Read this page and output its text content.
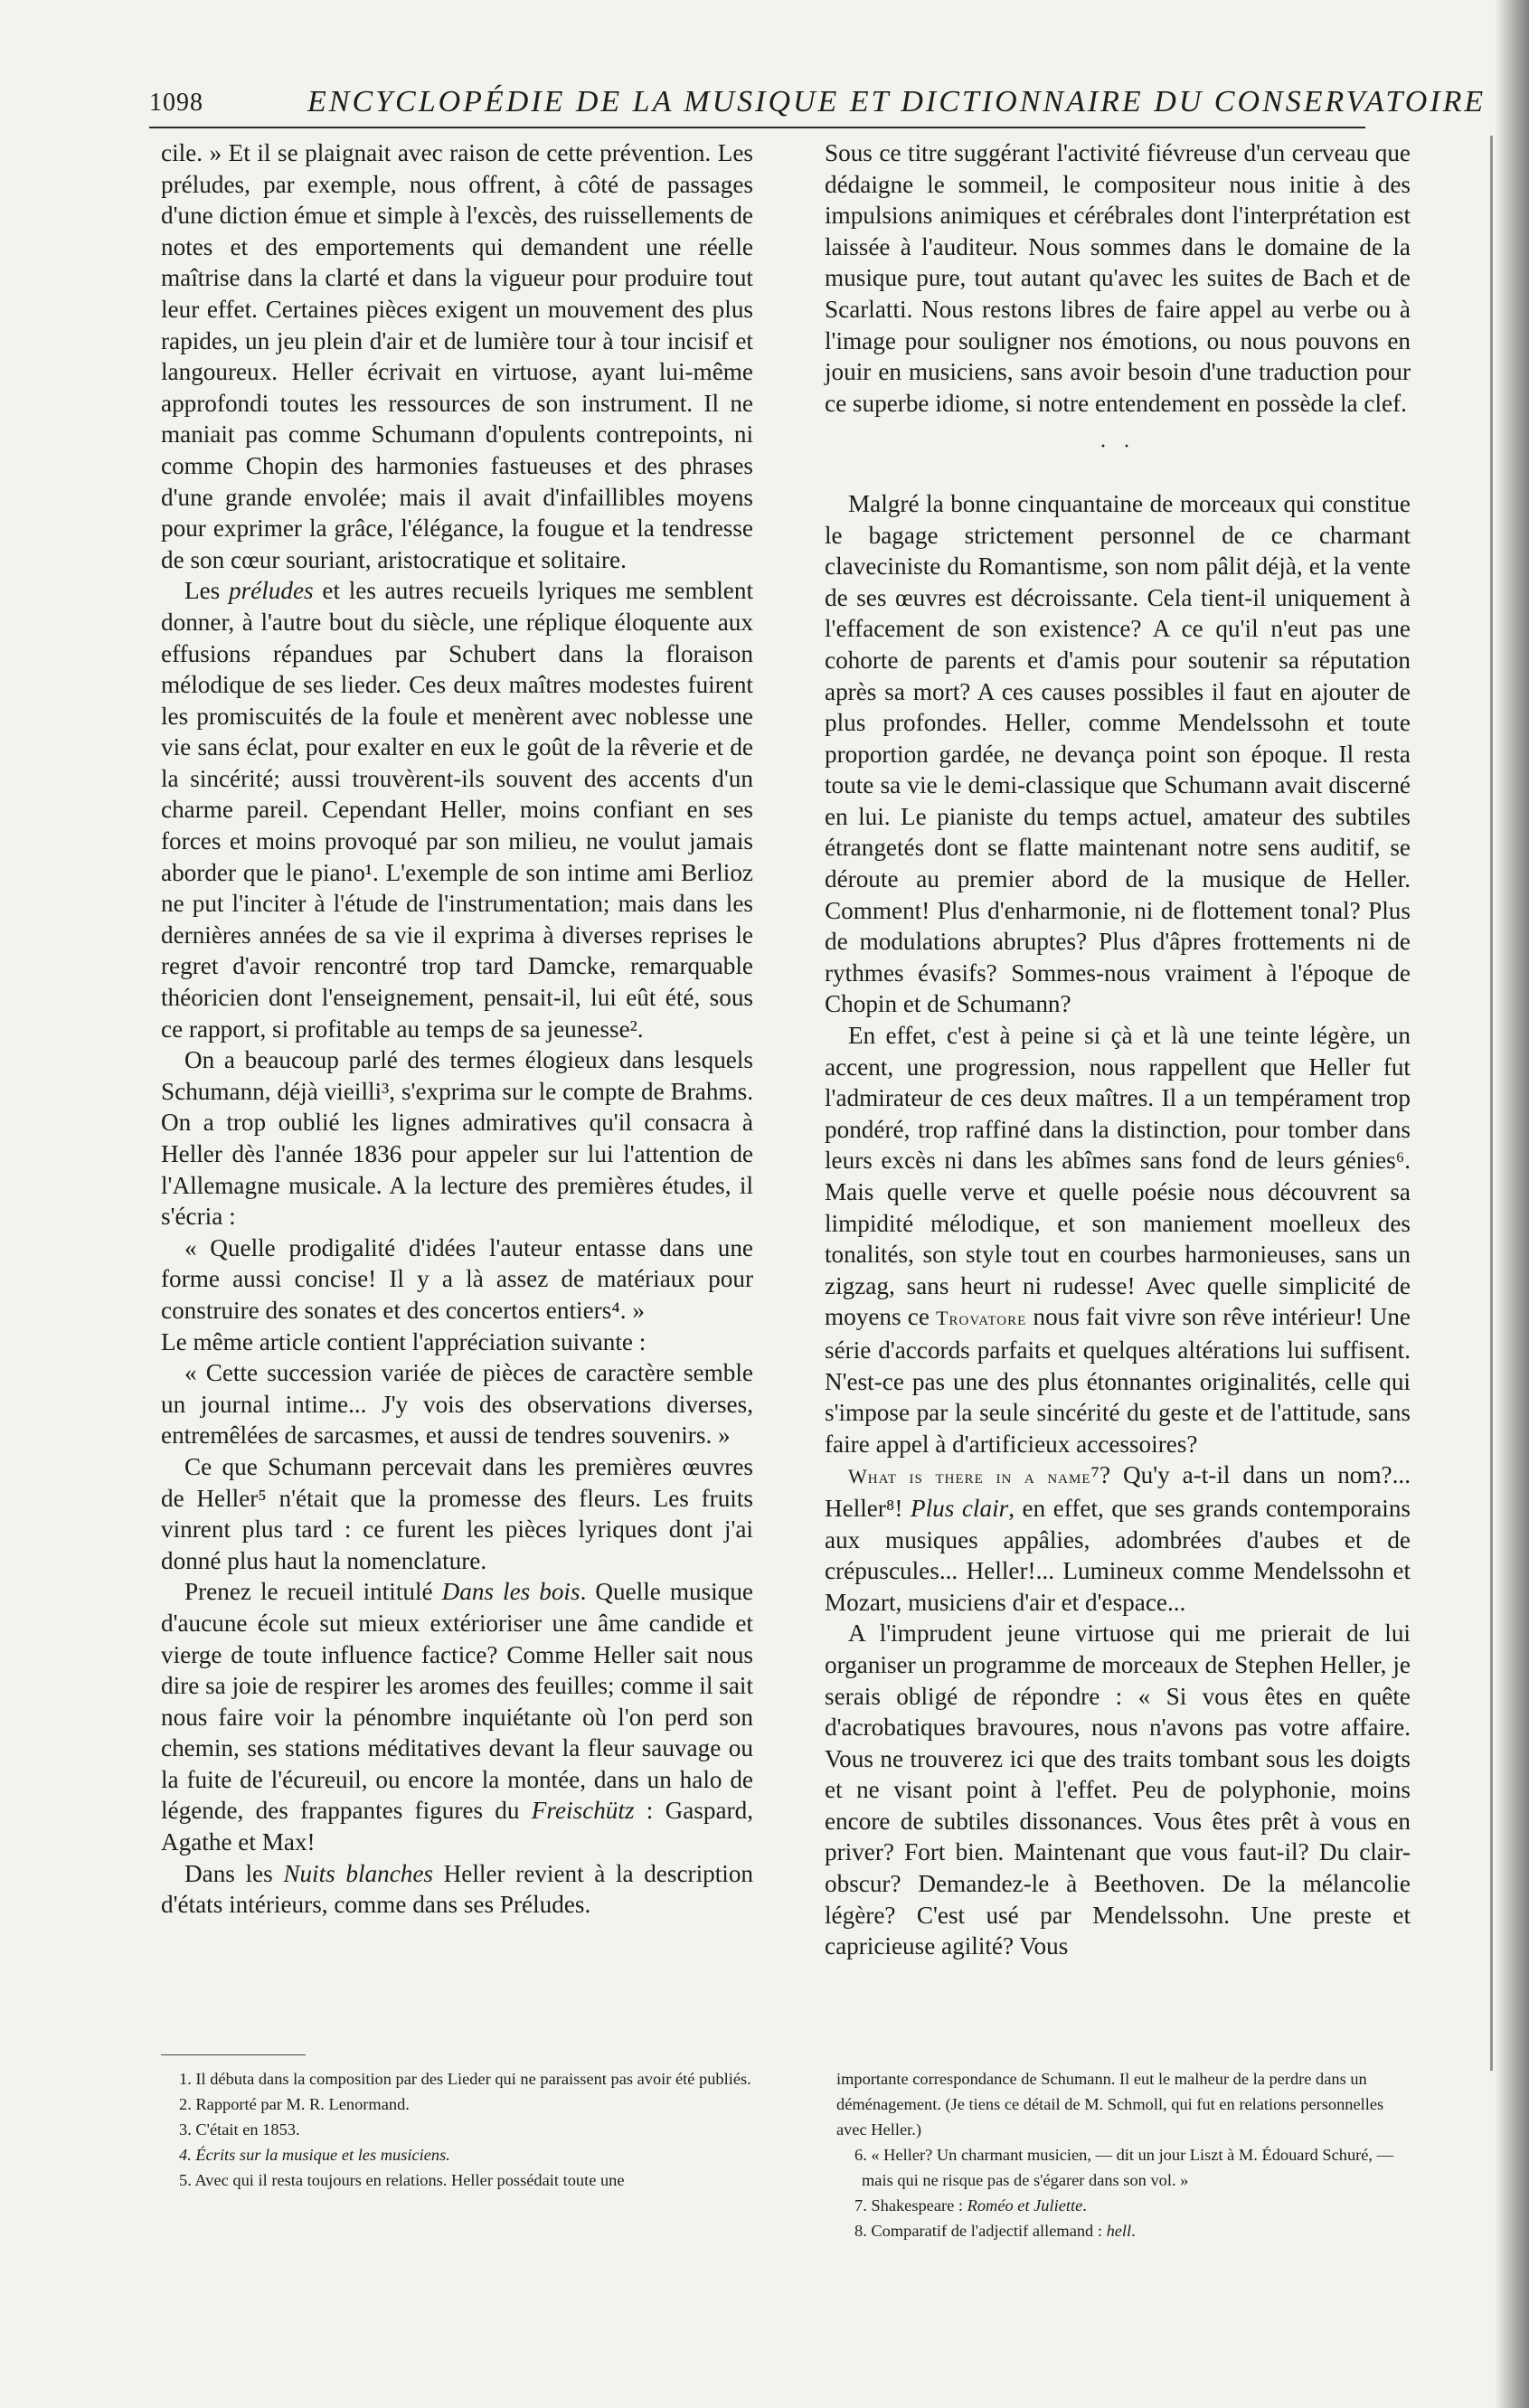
1098	ENCYCLOPÉDIE DE LA MUSIQUE ET DICTIONNAIRE DU CONSERVATOIRE

cile. » Et il se plaignait avec raison de cette prévention. Les préludes, par exemple, nous offrent, à côté de passages d'une diction émue et simple à l'excès, des ruissellements de notes et des emportements qui demandent une réelle maîtrise dans la clarté et dans la vigueur pour produire tout leur effet. Certaines pièces exigent un mouvement des plus rapides, un jeu plein d'air et de lumière tour à tour incisif et langoureux. Heller écrivait en virtuose, ayant lui-même approfondi toutes les ressources de son instrument. Il ne maniait pas comme Schumann d'opulents contrepoints, ni comme Chopin des harmonies fastueuses et des phrases d'une grande envolée; mais il avait d'infaillibles moyens pour exprimer la grâce, l'élégance, la fougue et la tendresse de son cœur souriant, aristocratique et solitaire.

Les préludes et les autres recueils lyriques me semblent donner, à l'autre bout du siècle, une réplique éloquente aux effusions répandues par Schubert dans la floraison mélodique de ses lieder. Ces deux maîtres modestes fuirent les promiscuités de la foule et menèrent avec noblesse une vie sans éclat, pour exalter en eux le goût de la rêverie et de la sincérité; aussi trouvèrent-ils souvent des accents d'un charme pareil. Cependant Heller, moins confiant en ses forces et moins provoqué par son milieu, ne voulut jamais aborder que le piano¹. L'exemple de son intime ami Berlioz ne put l'inciter à l'étude de l'instrumentation; mais dans les dernières années de sa vie il exprima à diverses reprises le regret d'avoir rencontré trop tard Damcke, remarquable théoricien dont l'enseignement, pensait-il, lui eût été, sous ce rapport, si profitable au temps de sa jeunesse².

On a beaucoup parlé des termes élogieux dans lesquels Schumann, déjà vieilli³, s'exprima sur le compte de Brahms. On a trop oublié les lignes admiratives qu'il consacra à Heller dès l'année 1836 pour appeler sur lui l'attention de l'Allemagne musicale. A la lecture des premières études, il s'écria :

« Quelle prodigalité d'idées l'auteur entasse dans une forme aussi concise! Il y a là assez de matériaux pour construire des sonates et des concertos entiers⁴. »

Le même article contient l'appréciation suivante :

« Cette succession variée de pièces de caractère semble un journal intime... J'y vois des observations diverses, entremêlées de sarcasmes, et aussi de tendres souvenirs. »

Ce que Schumann percevait dans les premières œuvres de Heller⁵ n'était que la promesse des fleurs. Les fruits vinrent plus tard : ce furent les pièces lyriques dont j'ai donné plus haut la nomenclature.

Prenez le recueil intitulé Dans les bois. Quelle musique d'aucune école sut mieux extérioriser une âme candide et vierge de toute influence factice? Comme Heller sait nous dire sa joie de respirer les aromes des feuilles; comme il sait nous faire voir la pénombre inquiétante où l'on perd son chemin, ses stations méditatives devant la fleur sauvage ou la fuite de l'écureuil, ou encore la montée, dans un halo de légende, des frappantes figures du Freischütz : Gaspard, Agathe et Max!

Dans les Nuits blanches Heller revient à la description d'états intérieurs, comme dans ses Préludes.

Sous ce titre suggérant l'activité fiévreuse d'un cerveau que dédaigne le sommeil, le compositeur nous initie à des impulsions animiques et cérébrales dont l'interprétation est laissée à l'auditeur. Nous sommes dans le domaine de la musique pure, tout autant qu'avec les suites de Bach et de Scarlatti. Nous restons libres de faire appel au verbe ou à l'image pour souligner nos émotions, ou nous pouvons en jouir en musiciens, sans avoir besoin d'une traduction pour ce superbe idiome, si notre entendement en possède la clef.

· ·

Malgré la bonne cinquantaine de morceaux qui constitue le bagage strictement personnel de ce charmant claveciniste du Romantisme, son nom pâlit déjà, et la vente de ses œuvres est décroissante. Cela tient-il uniquement à l'effacement de son existence? A ce qu'il n'eut pas une cohorte de parents et d'amis pour soutenir sa réputation après sa mort? A ces causes possibles il faut en ajouter de plus profondes. Heller, comme Mendelssohn et toute proportion gardée, ne devança point son époque. Il resta toute sa vie le demi-classique que Schumann avait discerné en lui. Le pianiste du temps actuel, amateur des subtiles étrangetés dont se flatte maintenant notre sens auditif, se déroute au premier abord de la musique de Heller. Comment! Plus d'enharmonie, ni de flottement tonal? Plus de modulations abruptes? Plus d'âpres frottements ni de rythmes évasifs? Sommes-nous vraiment à l'époque de Chopin et de Schumann?

En effet, c'est à peine si çà et là une teinte légère, un accent, une progression, nous rappellent que Heller fut l'admirateur de ces deux maîtres. Il a un tempérament trop pondéré, trop raffiné dans la distinction, pour tomber dans leurs excès ni dans les abîmes sans fond de leurs génies⁶. Mais quelle verve et quelle poésie nous découvrent sa limpidité mélodique, et son maniement moelleux des tonalités, son style tout en courbes harmonieuses, sans un zigzag, sans heurt ni rudesse! Avec quelle simplicité de moyens ce Trovatore nous fait vivre son rêve intérieur! Une série d'accords parfaits et quelques altérations lui suffisent. N'est-ce pas une des plus étonnantes originalités, celle qui s'impose par la seule sincérité du geste et de l'attitude, sans faire appel à d'artificieux accessoires?

What is there in a name⁷? Qu'y a-t-il dans un nom?... Heller⁸! Plus clair, en effet, que ses grands contemporains aux musiques appâlies, adombrées d'aubes et de crépuscules... Heller!... Lumineux comme Mendelssohn et Mozart, musiciens d'air et d'espace...

A l'imprudent jeune virtuose qui me prierait de lui organiser un programme de morceaux de Stephen Heller, je serais obligé de répondre : « Si vous êtes en quête d'acrobatiques bravoures, nous n'avons pas votre affaire. Vous ne trouverez ici que des traits tombant sous les doigts et ne visant point à l'effet. Peu de polyphonie, moins encore de subtiles dissonances. Vous êtes prêt à vous en priver? Fort bien. Maintenant que vous faut-il? Du clair-obscur? Demandez-le à Beethoven. De la mélancolie légère? C'est usé par Mendelssohn. Une preste et capricieuse agilité? Vous

1. Il débuta dans la composition par des Lieder qui ne paraissent pas avoir été publiés.

2. Rapporté par M. R. Lenormand.

3. C'était en 1853.

4. Écrits sur la musique et les musiciens.

5. Avec qui il resta toujours en relations. Heller possédait toute une

importante correspondance de Schumann. Il eut le malheur de la perdre dans un déménagement. (Je tiens ce détail de M. Schmoll, qui fut en relations personnelles avec Heller.)

6. « Heller? Un charmant musicien, — dit un jour Liszt à M. Édouard Schuré, — mais qui ne risque pas de s'égarer dans son vol. »

7. Shakespeare : Roméo et Juliette.

8. Comparatif de l'adjectif allemand : hell.
